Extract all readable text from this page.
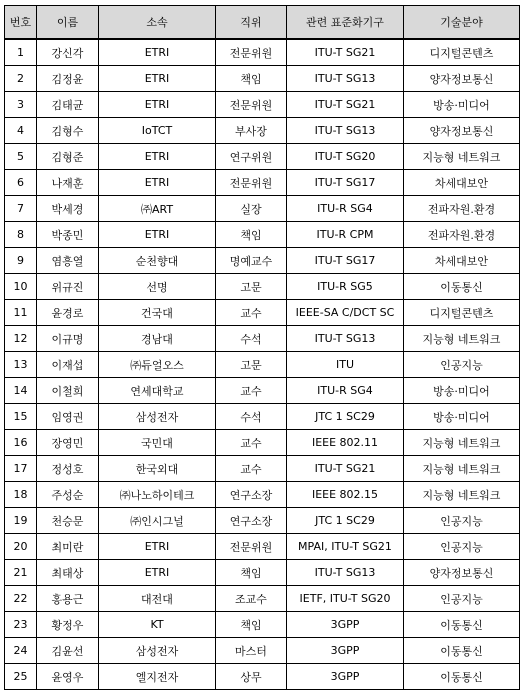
번호	이름	소속	직위	관련 표준화기구	기술분야
1	강신각	ETRI	전문위원	ITU-T SG21	디지털콘텐츠
2	김정윤	ETRI	책임	ITU-T SG13	양자정보통신
3	김태균	ETRI	전문위원	ITU-T SG21	방송·미디어
4	김형수	IoTCT	부사장	ITU-T SG13	양자정보통신
5	김형준	ETRI	연구위원	ITU-T SG20	지능형 네트워크
6	나재훈	ETRI	전문위원	ITU-T SG17	차세대보안
7	박세경	㈜ART	실장	ITU-R SG4	전파자원.환경
8	박종민	ETRI	책임	ITU-R CPM	전파자원.환경
9	염흥열	순천향대	명예교수	ITU-T SG17	차세대보안
10	위규진	선명	고문	ITU-R SG5	이동통신
11	윤경로	건국대	교수	IEEE-SA C/DCT SC	디지털콘텐츠
12	이규명	경남대	수석	ITU-T SG13	지능형 네트워크
13	이재섭	㈜듀얼오스	고문	ITU	인공지능
14	이철희	연세대학교	교수	ITU-R SG4	방송·미디어
15	임영권	삼성전자	수석	JTC 1 SC29	방송·미디어
16	장영민	국민대	교수	IEEE 802.11	지능형 네트워크
17	정성호	한국외대	교수	ITU-T SG21	지능형 네트워크
18	주성순	㈜나노하이테크	연구소장	IEEE 802.15	지능형 네트워크
19	천승문	㈜인시그널	연구소장	JTC 1 SC29	인공지능
20	최미란	ETRI	전문위원	MPAI, ITU-T SG21	인공지능
21	최태상	ETRI	책임	ITU-T SG13	양자정보통신
22	홍용근	대전대	조교수	IETF, ITU-T SG20	인공지능
23	황정우	KT	책임	3GPP	이동통신
24	김윤선	삼성전자	마스터	3GPP	이동통신
25	윤영우	엘지전자	상무	3GPP	이동통신
